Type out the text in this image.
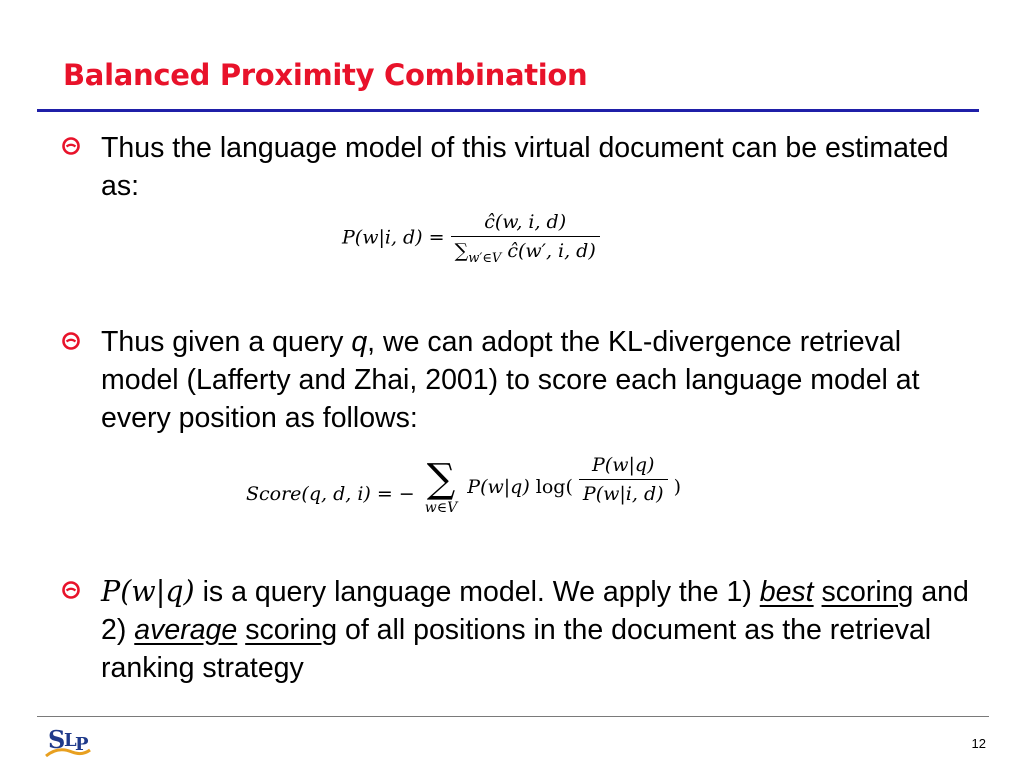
Balanced Proximity Combination
Thus the language model of this virtual document can be estimated as:
P(w|i, $d) = \frac{ĉ(w, i, d)}{\sum_{w'\in V} ĉ(w', i, d)}$
Thus given a query q, we can adopt the KL-divergence retrieval model (Lafferty and Zhai, 2001) to score each language model at every position as follows:
Score(q, d, i) = − ∑
w∈V
P(w|q) $\log( \frac{P(w|q)}{P(w|i, d)}$ )
P(w|q) is a query language model. We apply the 1) best scoring and 2) average scoring of all positions in the document as the retrieval ranking strategy
S
L
P	12
